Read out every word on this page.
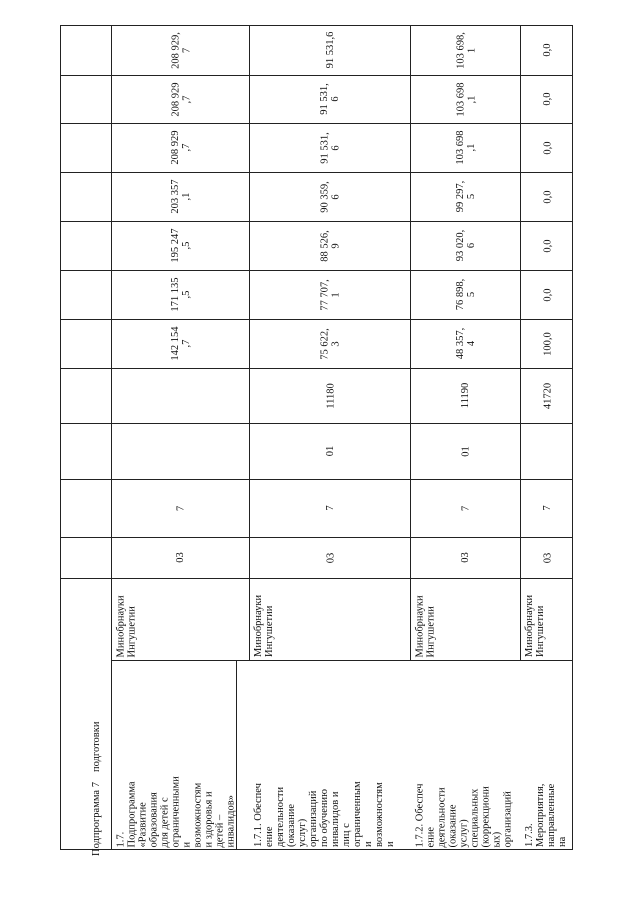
подготовки
Подпрограмма 7 1.7.
Подпрограмма
«Развитие
образования
для детей с
ограниченными
и
возможностям
и здоровья и
детей –
инвалидов»
Минобрнауки
Ингушетии
03
7
142 154
,7
171 135
,5
195 247
,5
203 357
,1
208 929
,7
208 929
,7
208 929,
7
1.7.1. Обеспеч
ение
деятельности
(оказание
услуг)
организаций
по обучению
инвалидов и
лиц с
ограниченным
и
возможностям
и
Минобрнауки
Ингушетии
03
7
01
11180
75 622,
3
77 707,
1
88 526,
9
90 359,
6
91 531,
6
91 531,
6
91 531,6
1.7.2. Обеспеч
ение
деятельности
(оказание
услуг)
специальных
(коррекциони
ых)
организаций
Минобрнауки
Ингушетии
03
7
01
11190
48 357,
4
76 898,
5
93 020,
6
99 297,
5
103 698
,1
103 698
,1
103 698,
1
1.7.3.
Мероприятия,
направленные
на
Минобрнауки
Ингушетии
03
7
41720
100,0
0,0
0,0
0,0
0,0
0,0
0,0
